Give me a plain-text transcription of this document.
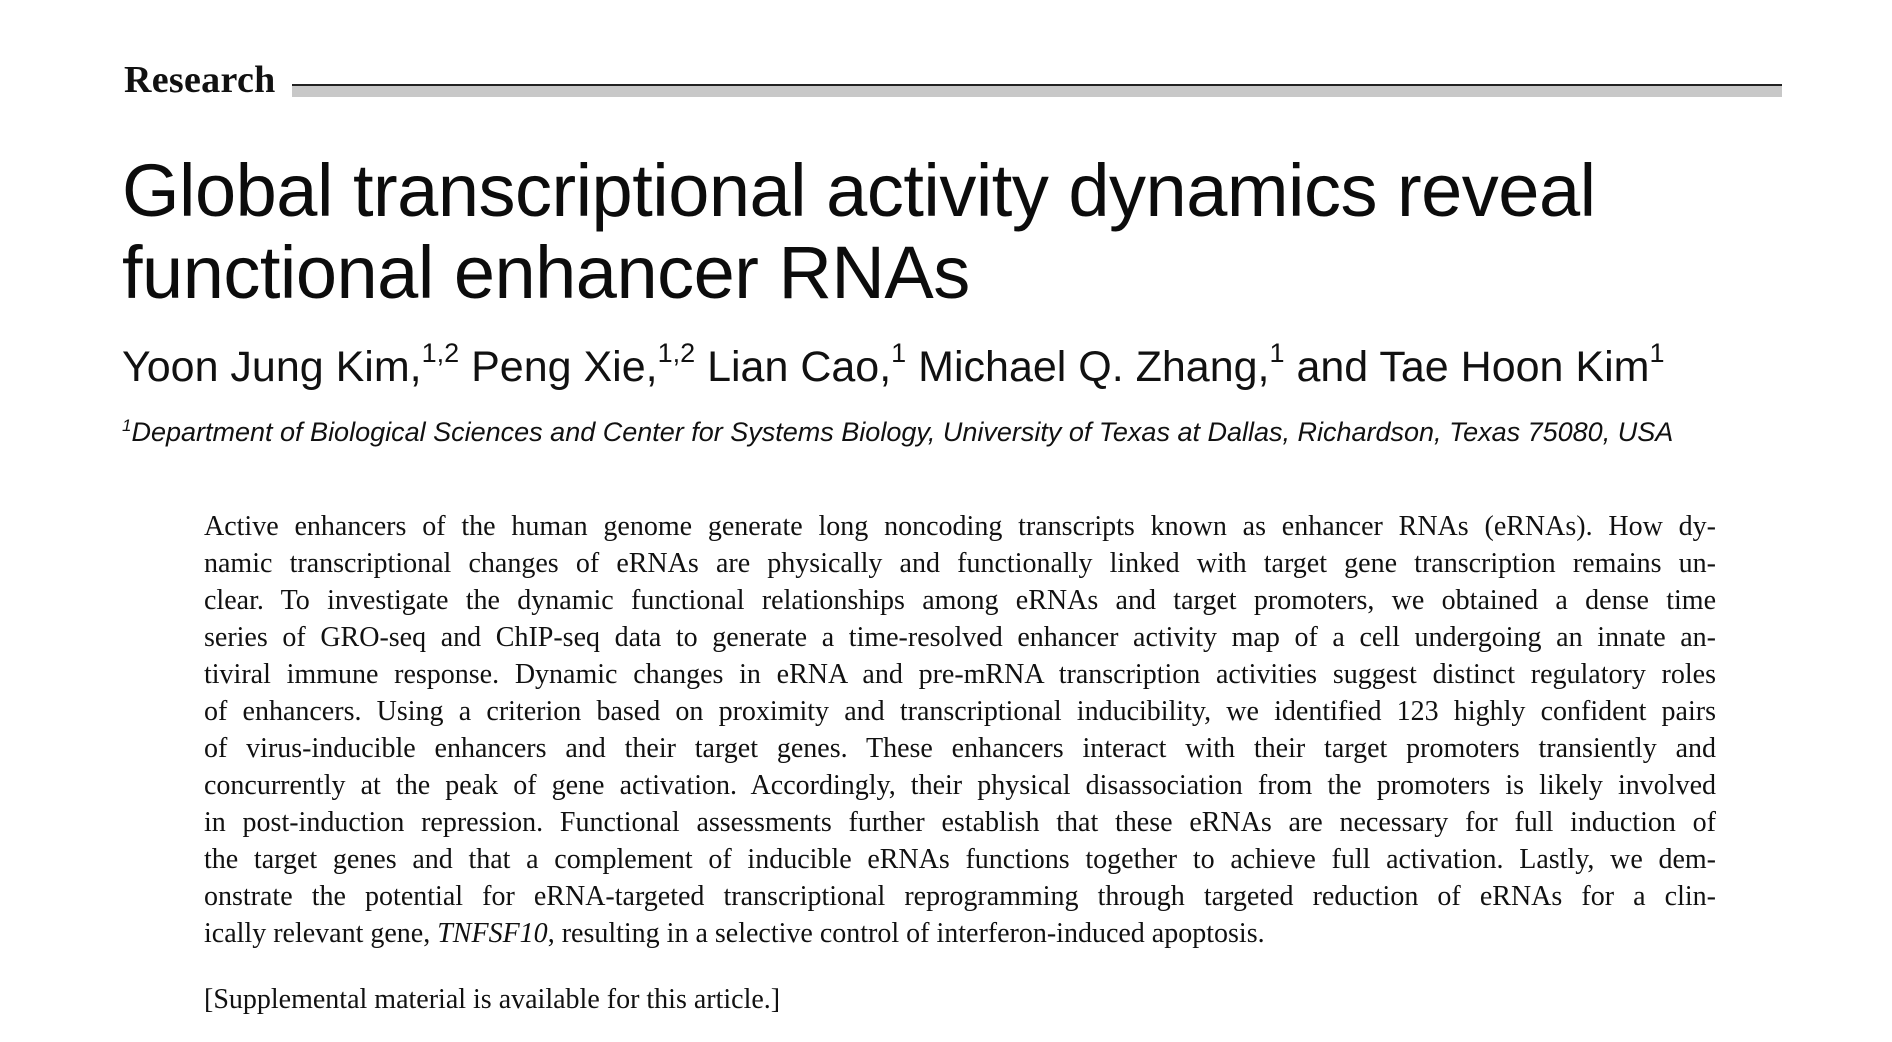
Research
Global transcriptional activity dynamics reveal
functional enhancer RNAs
Yoon Jung Kim,$^{1,2}$ Peng Xie,$^{1,2}$ Lian Cao,$^1$ Michael Q. Zhang,$^1$ and Tae Hoon Kim$^1$
$^1$Department of Biological Sciences and Center for Systems Biology, University of Texas at Dallas, Richardson, Texas 75080, USA
Active enhancers of the human genome generate long noncoding transcripts known as enhancer RNAs (eRNAs). How dy-
namic transcriptional changes of eRNAs are physically and functionally linked with target gene transcription remains un-
clear. To investigate the dynamic functional relationships among eRNAs and target promoters, we obtained a dense time
series of GRO-seq and ChIP-seq data to generate a time-resolved enhancer activity map of a cell undergoing an innate an-
tiviral immune response. Dynamic changes in eRNA and pre-mRNA transcription activities suggest distinct regulatory roles
of enhancers. Using a criterion based on proximity and transcriptional inducibility, we identified 123 highly confident pairs
of virus-inducible enhancers and their target genes. These enhancers interact with their target promoters transiently and
concurrently at the peak of gene activation. Accordingly, their physical disassociation from the promoters is likely involved
in post-induction repression. Functional assessments further establish that these eRNAs are necessary for full induction of
the target genes and that a complement of inducible eRNAs functions together to achieve full activation. Lastly, we dem-
onstrate the potential for eRNA-targeted transcriptional reprogramming through targeted reduction of eRNAs for a clin-
ically relevant gene, TNFSF10, resulting in a selective control of interferon-induced apoptosis.
[Supplemental material is available for this article.]
